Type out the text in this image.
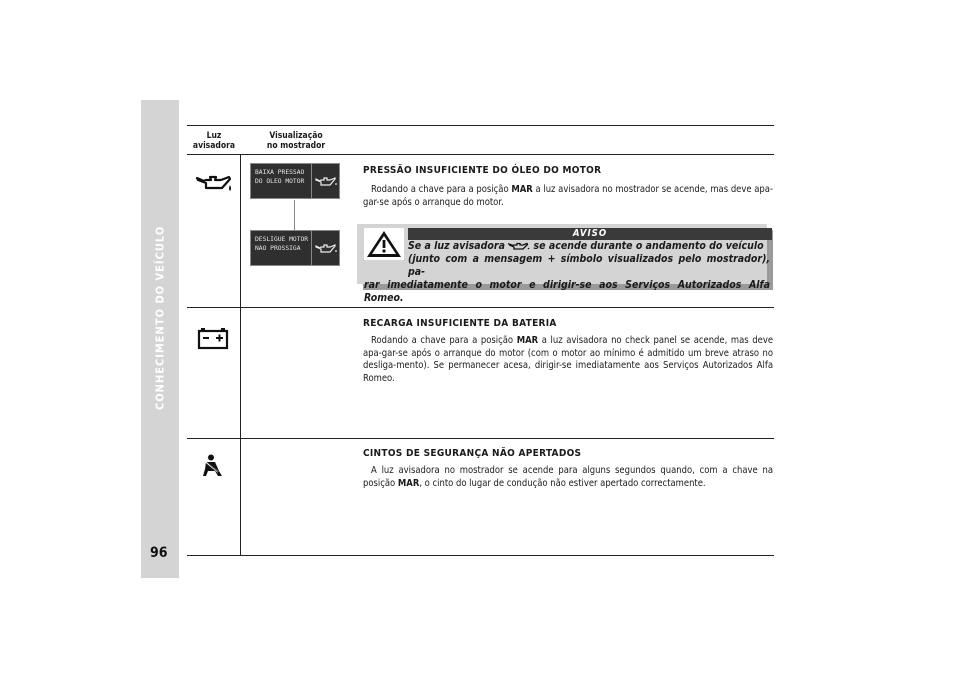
CONHECIMENTO DO VEÍCULO
96
Luz
avisadora
Visualização
no mostrador
BAIXA PRESSAO
DO OLEO MOTOR
DESLIGUE MOTOR
NAO PROSSIGA
PRESSÃO INSUFICIENTE DO ÓLEO DO MOTOR
Rodando a chave para a posição MAR a luz avisadora no mostrador se acende, mas deve apa-gar-se após o arranque do motor.
AVISO
Se a luz avisadora  se acende durante o andamento do veículo
(junto com a mensagem + símbolo visualizados pelo mostrador), pa-
rar imediatamente o motor e dirigir-se aos Serviços Autorizados Alfa Romeo.
RECARGA INSUFICIENTE DA BATERIA
Rodando a chave para a posição MAR a luz avisadora no check panel se acende, mas deve apa-gar-se após o arranque do motor (com o motor ao mínimo é admitido um breve atraso no desliga-mento). Se permanecer acesa, dirigir-se imediatamente aos Serviços Autorizados Alfa Romeo.
CINTOS DE SEGURANÇA NÃO APERTADOS
A luz avisadora no mostrador se acende para alguns segundos quando, com a chave na posição MAR, o cinto do lugar de condução não estiver apertado correctamente.
